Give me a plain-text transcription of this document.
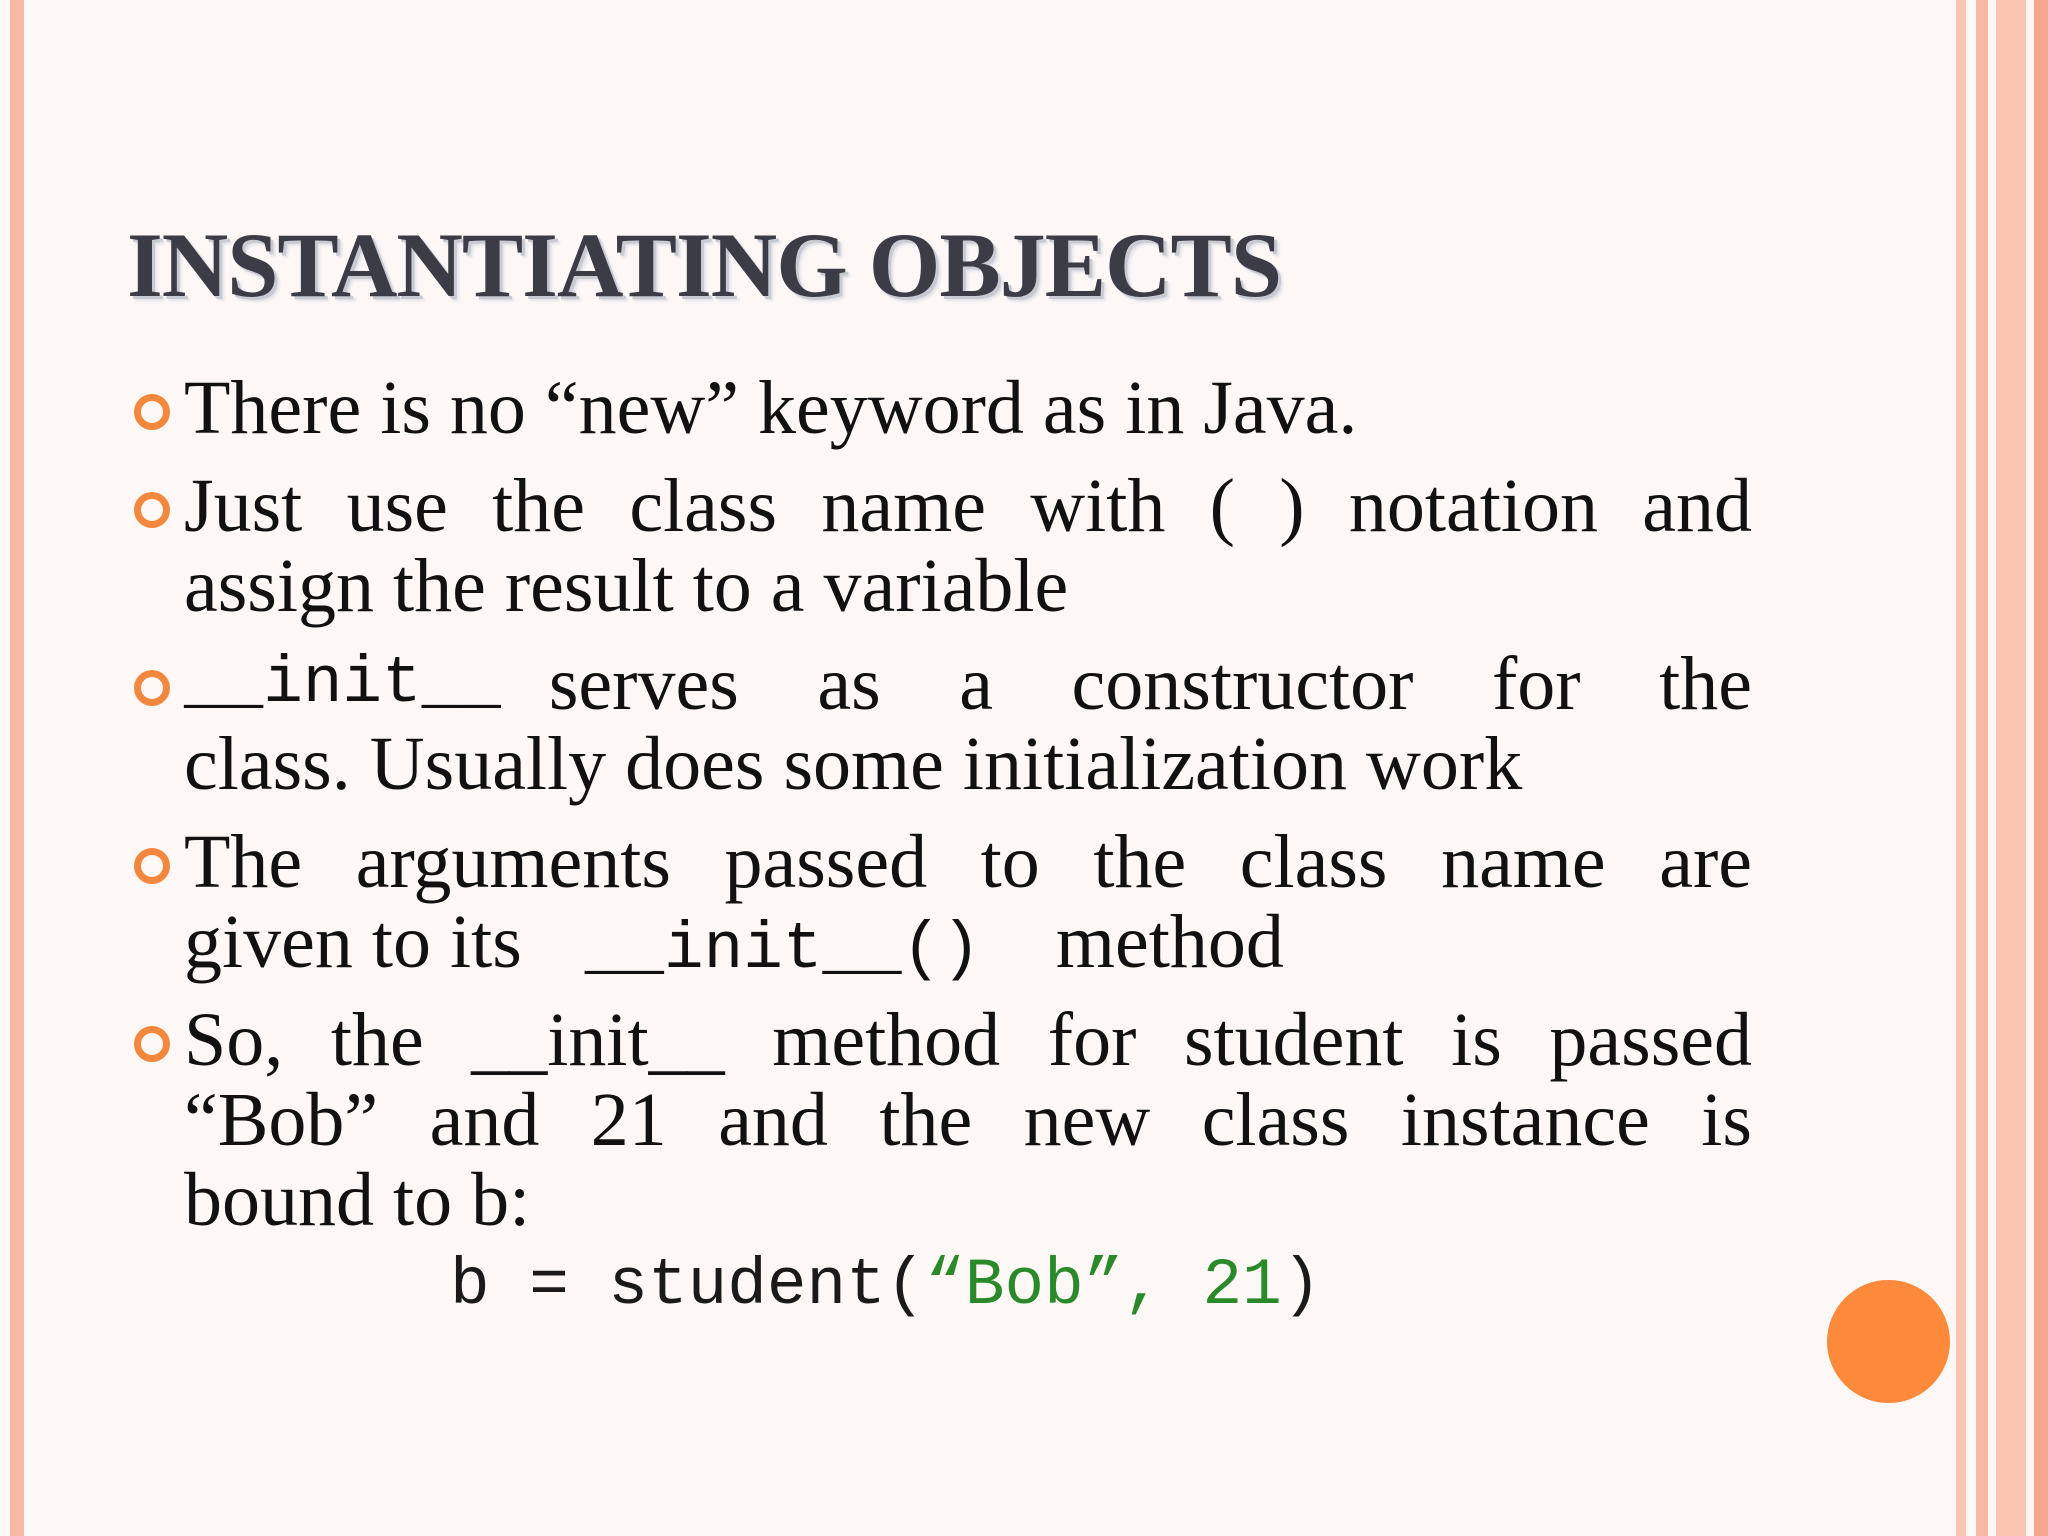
INSTANTIATING OBJECTS
There is no “new” keyword as in Java.
Just use the class name with ( ) notation and
assign the result to a variable
__init__ serves as a constructor for the
class. Usually does some initialization work
The arguments passed to the class name are
given to its __init__() method
So, the __init__ method for student is passed
“Bob” and 21 and the new class instance is
bound to b:
b = student(“Bob”, 21)
